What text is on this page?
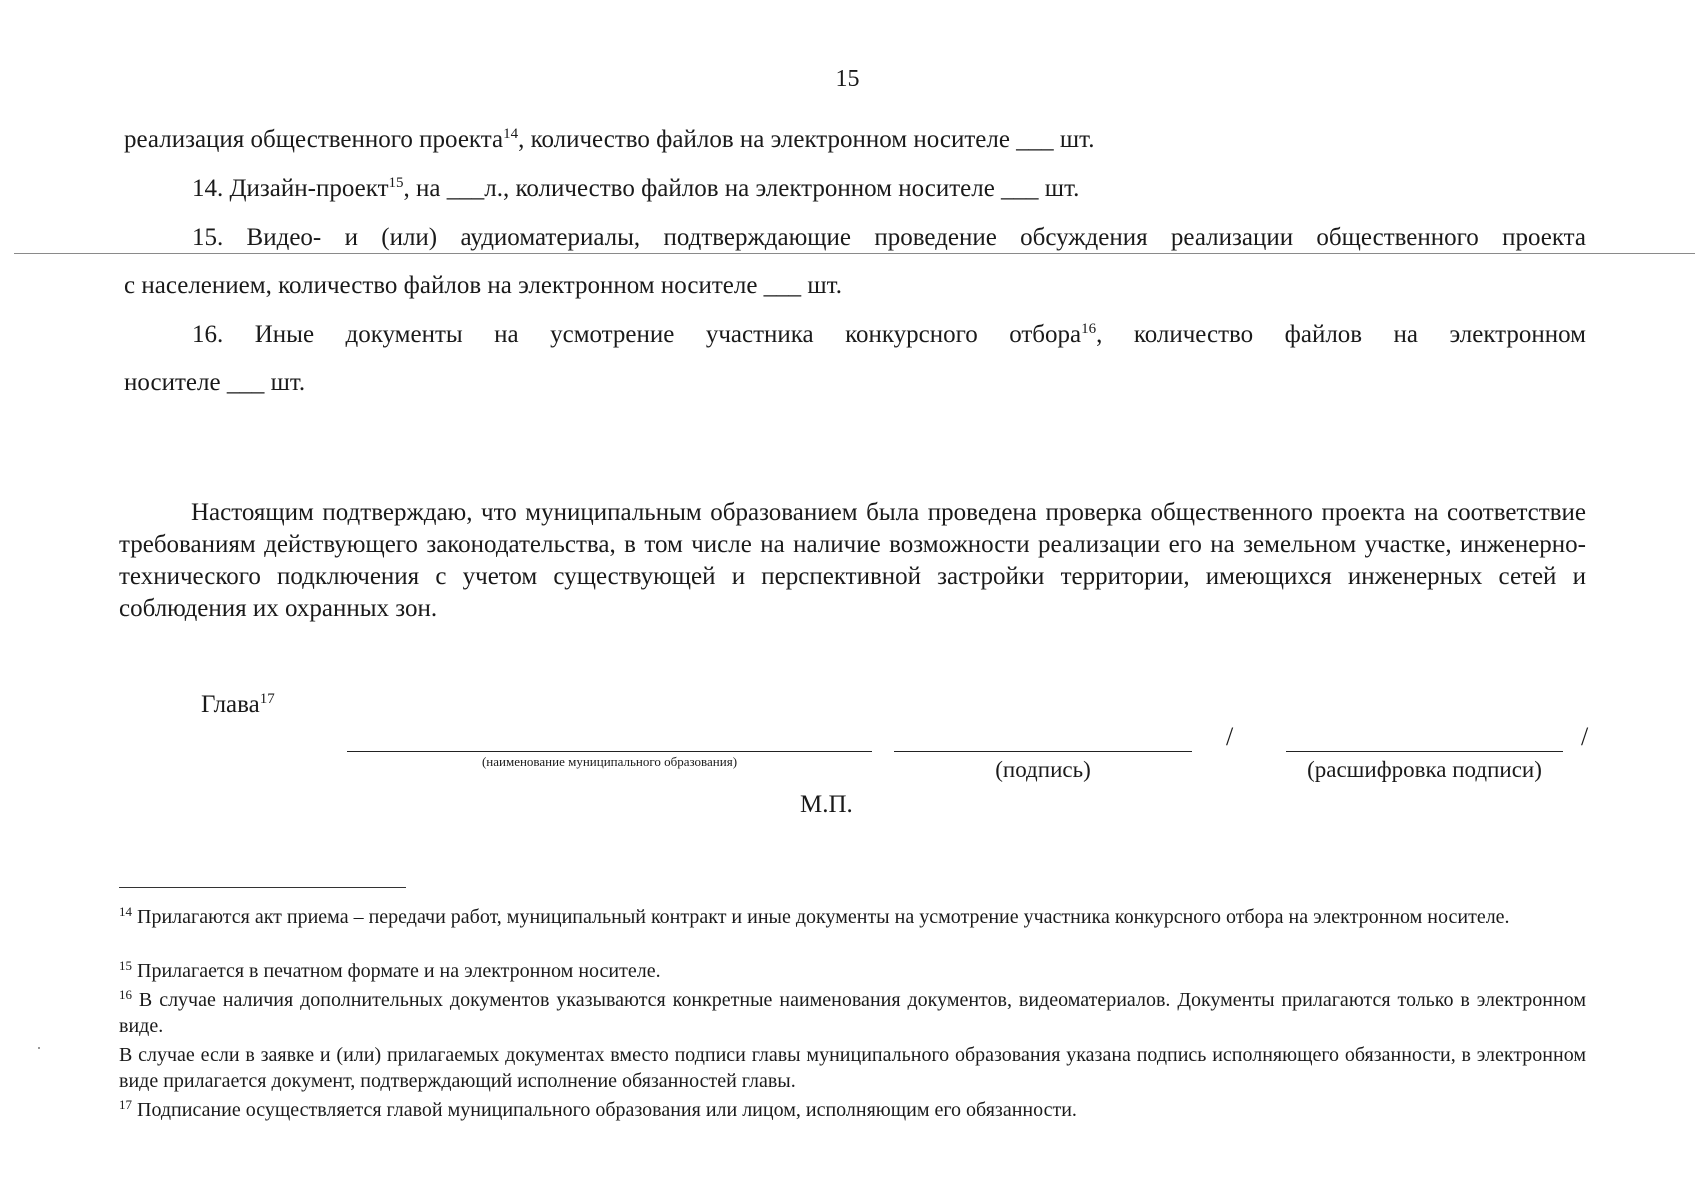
15
реализация общественного проекта$^{14}$, количество файлов на электронном носителе ___ шт.
14. Дизайн-проект$^{15}$, на ___л., количество файлов на электронном носителе ___ шт.
15. Видео- и (или) аудиоматериалы, подтверждающие проведение обсуждения реализации общественного проекта
с населением, количество файлов на электронном носителе ___ шт.
16. Иные документы на усмотрение участника конкурсного отбора$^{16}$, количество файлов на электронном
носителе ___ шт.
Настоящим подтверждаю, что муниципальным образованием была проведена проверка общественного проекта на соответствие требованиям действующего законодательства, в том числе на наличие возможности реализации его на земельном участке, инженерно-технического подключения с учетом существующей и перспективной застройки территории, имеющихся инженерных сетей и соблюдения их охранных зон.
Глава$^{17}$
(наименование муниципального образования)	(подпись)
/	/
(расшифровка подписи)
М.П.
$^{14}$ Прилагаются акт приема – передачи работ, муниципальный контракт и иные документы на усмотрение участника конкурсного отбора на электронном носителе.
$^{15}$ Прилагается в печатном формате и на электронном носителе.
$^{16}$ В случае наличия дополнительных документов указываются конкретные наименования документов, видеоматериалов. Документы прилагаются только в электронном виде.
В случае если в заявке и (или) прилагаемых документах вместо подписи главы муниципального образования указана подпись исполняющего обязанности, в электронном виде прилагается документ, подтверждающий исполнение обязанностей главы.
$^{17}$ Подписание осуществляется главой муниципального образования или лицом, исполняющим его обязанности.
